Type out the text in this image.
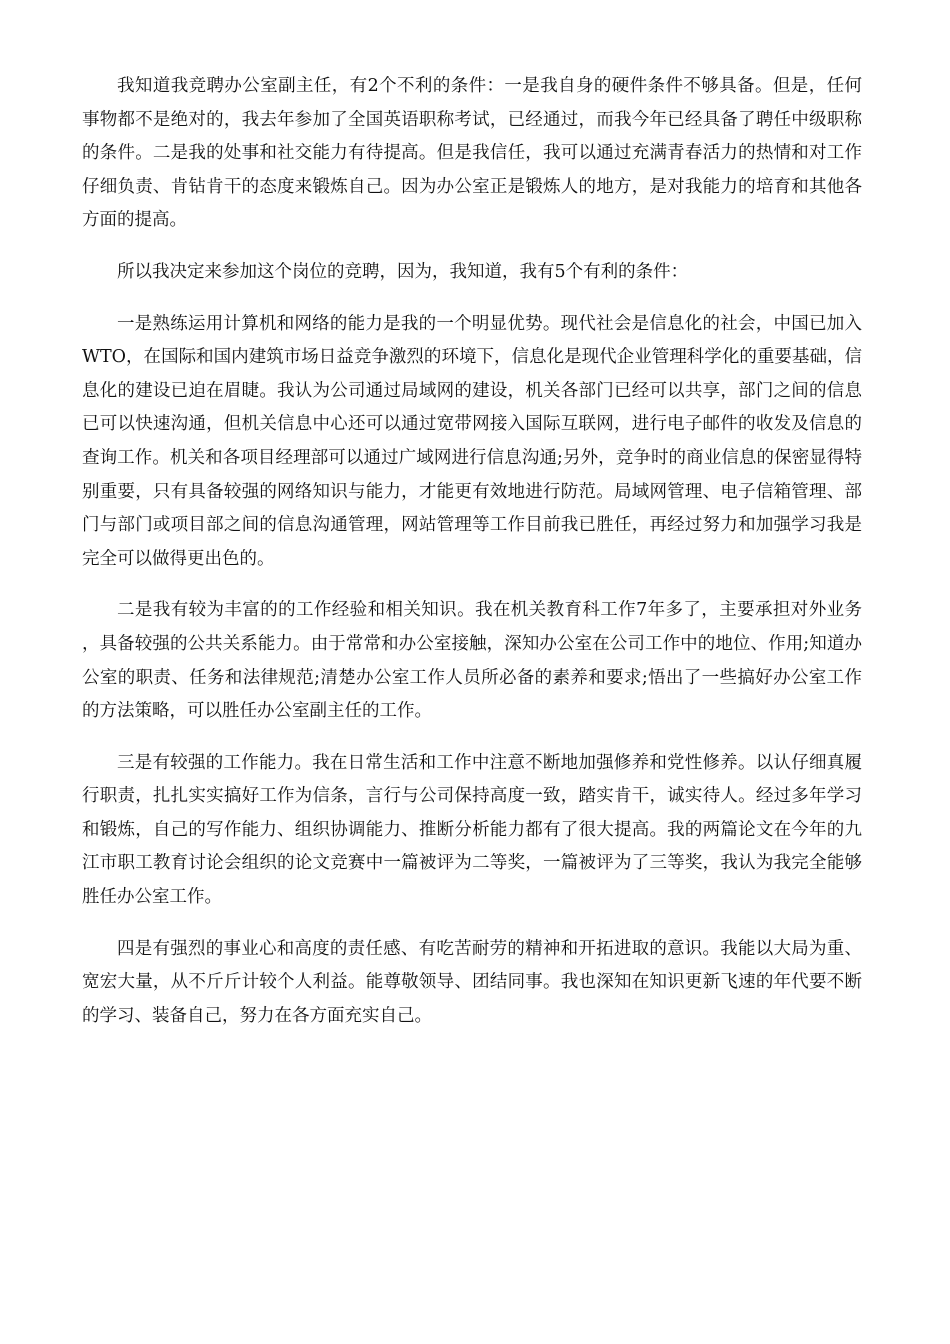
我知道我竞聘办公室副主任，有2个不利的条件：一是我自身的硬件条件不够具备。但是，任何事物都不是绝对的，我去年参加了全国英语职称考试，已经通过，而我今年已经具备了聘任中级职称的条件。二是我的处事和社交能力有待提高。但是我信任，我可以通过充满青春活力的热情和对工作仔细负责、肯钻肯干的态度来锻炼自己。因为办公室正是锻炼人的地方，是对我能力的培育和其他各方面的提高。

所以我决定来参加这个岗位的竞聘，因为，我知道，我有5个有利的条件：

一是熟练运用计算机和网络的能力是我的一个明显优势。现代社会是信息化的社会，中国已加入WTO，在国际和国内建筑市场日益竞争激烈的环境下，信息化是现代企业管理科学化的重要基础，信息化的建设已迫在眉睫。我认为公司通过局域网的建设，机关各部门已经可以共享，部门之间的信息已可以快速沟通，但机关信息中心还可以通过宽带网接入国际互联网，进行电子邮件的收发及信息的查询工作。机关和各项目经理部可以通过广域网进行信息沟通;另外，竞争时的商业信息的保密显得特别重要，只有具备较强的网络知识与能力，才能更有效地进行防范。局域网管理、电子信箱管理、部门与部门或项目部之间的信息沟通管理，网站管理等工作目前我已胜任，再经过努力和加强学习我是完全可以做得更出色的。

二是我有较为丰富的的工作经验和相关知识。我在机关教育科工作7年多了，主要承担对外业务，具备较强的公共关系能力。由于常常和办公室接触，深知办公室在公司工作中的地位、作用;知道办公室的职责、任务和法律规范;清楚办公室工作人员所必备的素养和要求;悟出了一些搞好办公室工作的方法策略，可以胜任办公室副主任的工作。

三是有较强的工作能力。我在日常生活和工作中注意不断地加强修养和党性修养。以认仔细真履行职责，扎扎实实搞好工作为信条，言行与公司保持高度一致，踏实肯干，诚实待人。经过多年学习和锻炼，自己的写作能力、组织协调能力、推断分析能力都有了很大提高。我的两篇论文在今年的九江市职工教育讨论会组织的论文竞赛中一篇被评为二等奖，一篇被评为了三等奖，我认为我完全能够胜任办公室工作。

四是有强烈的事业心和高度的责任感、有吃苦耐劳的精神和开拓进取的意识。我能以大局为重、宽宏大量，从不斤斤计较个人利益。能尊敬领导、团结同事。我也深知在知识更新飞速的年代要不断的学习、装备自己，努力在各方面充实自己。
